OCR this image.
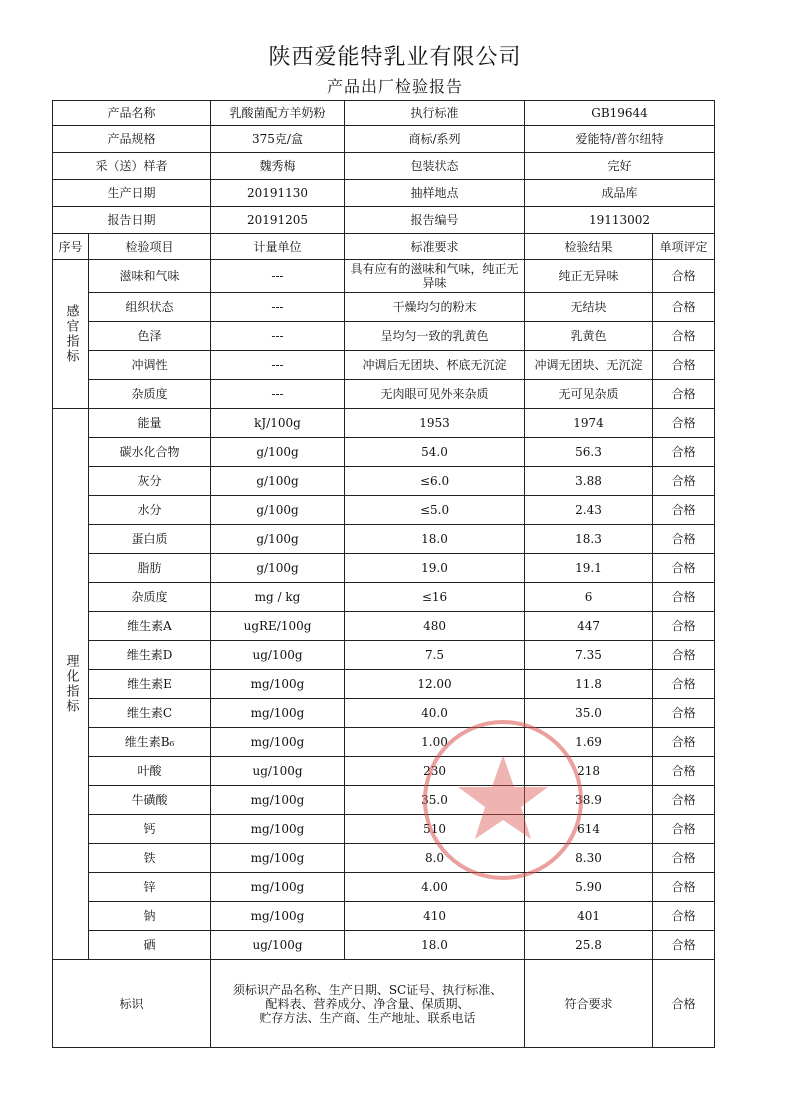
陕西爱能特乳业有限公司
产品出厂检验报告
产品名称		乳酸菌配方羊奶粉	执行标准	GB19644	
产品规格		375克/盒	商标/系列	爱能特/普尔纽特	
采（送）样者		魏秀梅	包装状态	完好	
生产日期		20191130	抽样地点	成品库	
报告日期		20191205	报告编号	19113002	
序号	检验项目	计量单位	标准要求	检验结果	单项评定

感官指标	滋味和气味	---	具有应有的滋味和气味，纯正无异味	纯正无异味	合格
	组织状态	---	干燥均匀的粉末	无结块	合格
	色泽	---	呈均匀一致的乳黄色	乳黄色	合格
	冲调性	---	冲调后无团块、杯底无沉淀	冲调无团块、无沉淀	合格
	杂质度	---	无肉眼可见外来杂质	无可见杂质	合格

理化指标	能量	kJ/100g	1953	1974	合格
	碳水化合物	g/100g	54.0	56.3	合格
	灰分	g/100g	≤6.0	3.88	合格
	水分	g/100g	≤5.0	2.43	合格
	蛋白质	g/100g	18.0	18.3	合格
	脂肪	g/100g	19.0	19.1	合格
	杂质度	mg / kg	≤16	6	合格
	维生素A	ugRE/100g	480	447	合格
	维生素D	ug/100g	7.5	7.35	合格
	维生素E	mg/100g	12.00	11.8	合格
	维生素C	mg/100g	40.0	35.0	合格
	维生素B₆	mg/100g	1.00	1.69	合格
	叶酸	ug/100g	230	218	合格
	牛磺酸	mg/100g	35.0	38.9	合格
	钙	mg/100g	510	614	合格
	铁	mg/100g	8.0	8.30	合格
	锌	mg/100g	4.00	5.90	合格
	钠	mg/100g	410	401	合格
	硒	ug/100g	18.0	25.8	合格
标识		须标识产品名称、生产日期、SC证号、执行标准、
配料表、营养成分、净含量、保质期、
贮存方法、生产商、生产地址、联系电话		符合要求	合格
